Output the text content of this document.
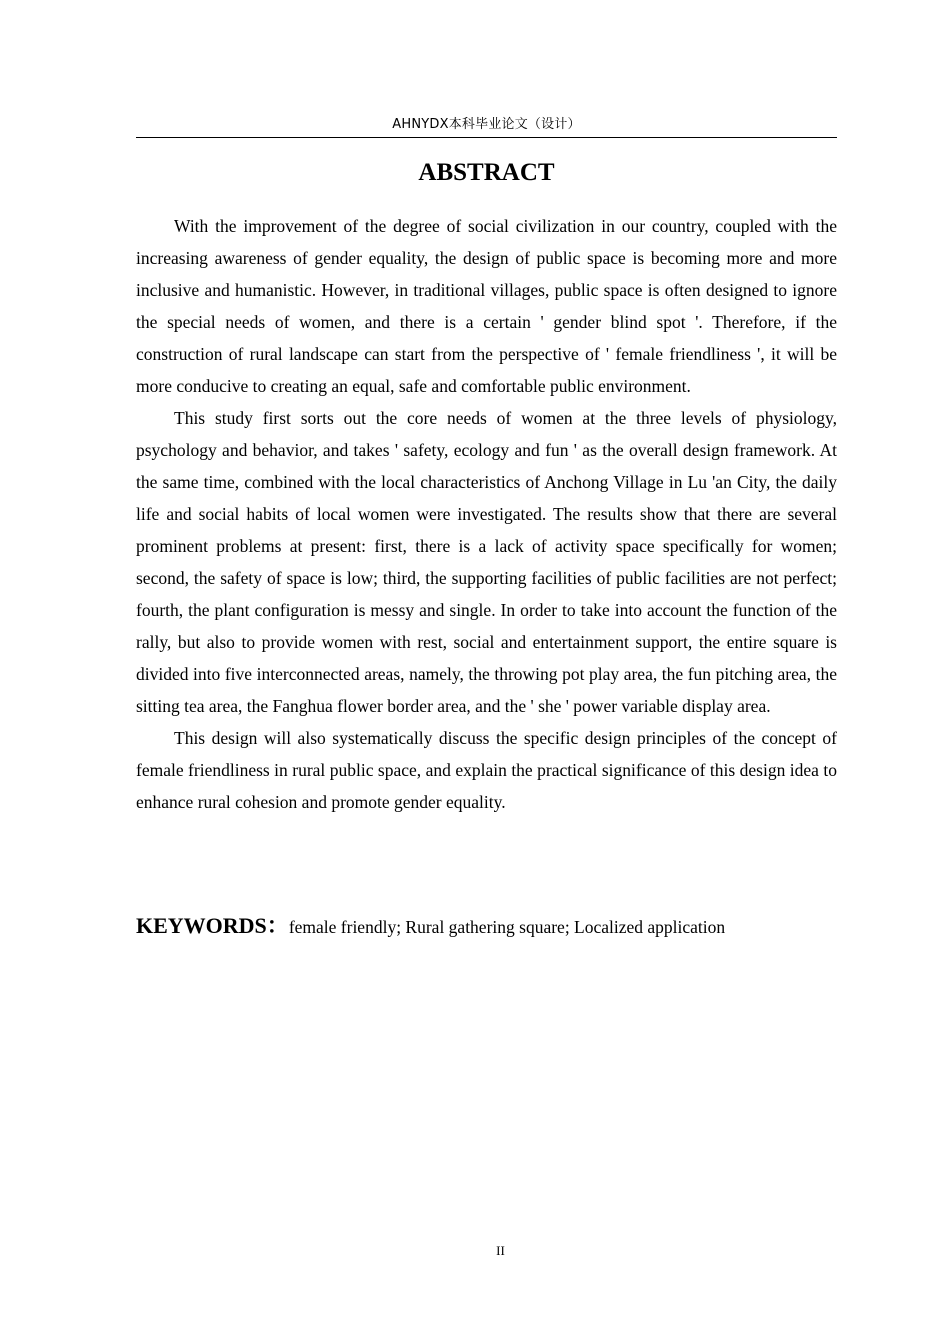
AHNYDX本科毕业论文（设计）
ABSTRACT

With the improvement of the degree of social civilization in our country, coupled with the increasing awareness of gender equality, the design of public space is becoming more and more inclusive and humanistic. However, in traditional villages, public space is often designed to ignore the special needs of women, and there is a certain ' gender blind spot '. Therefore, if the construction of rural landscape can start from the perspective of ' female friendliness ', it will be more conducive to creating an equal, safe and comfortable public environment.

This study first sorts out the core needs of women at the three levels of physiology, psychology and behavior, and takes ' safety, ecology and fun ' as the overall design framework. At the same time, combined with the local characteristics of Anchong Village in Lu 'an City, the daily life and social habits of local women were investigated. The results show that there are several prominent problems at present: first, there is a lack of activity space specifically for women; second, the safety of space is low; third, the supporting facilities of public facilities are not perfect; fourth, the plant configuration is messy and single. In order to take into account the function of the rally, but also to provide women with rest, social and entertainment support, the entire square is divided into five interconnected areas, namely, the throwing pot play area, the fun pitching area, the sitting tea area, the Fanghua flower border area, and the ' she ' power variable display area.

This design will also systematically discuss the specific design principles of the concept of female friendliness in rural public space, and explain the practical significance of this design idea to enhance rural cohesion and promote gender equality.

KEYWORDS：female friendly; Rural gathering square; Localized application
II
